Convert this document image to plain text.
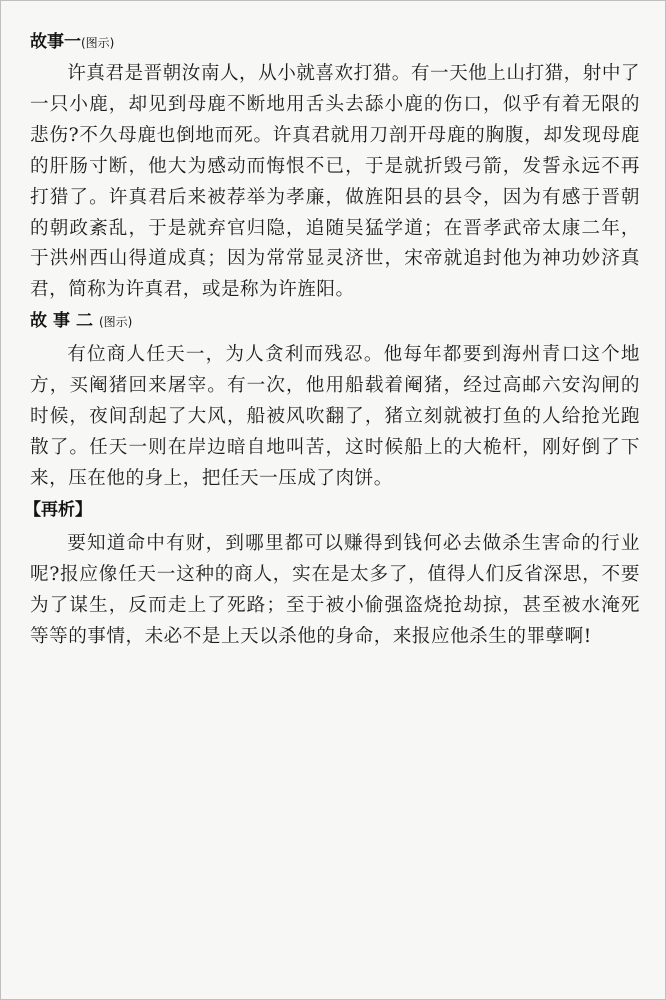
故事一(图示)

许真君是晋朝汝南人，从小就喜欢打猎。有一天他上山打猎，射中了一只小鹿，却见到母鹿不断地用舌头去舔小鹿的伤口，似乎有着无限的悲伤?不久母鹿也倒地而死。许真君就用刀剖开母鹿的胸腹，却发现母鹿的肝肠寸断，他大为感动而悔恨不已，于是就折毁弓箭，发誓永远不再打猎了。许真君后来被荐举为孝廉，做旌阳县的县令，因为有感于晋朝的朝政紊乱，于是就弃官归隐，追随吴猛学道；在晋孝武帝太康二年，于洪州西山得道成真；因为常常显灵济世，宋帝就追封他为神功妙济真君，简称为许真君，或是称为许旌阳。

故事二(图示)

有位商人任天一，为人贪利而残忍。他每年都要到海州青口这个地方，买阉猪回来屠宰。有一次，他用船载着阉猪，经过高邮六安沟闸的时候，夜间刮起了大风，船被风吹翻了，猪立刻就被打鱼的人给抢光跑散了。任天一则在岸边暗自地叫苦，这时候船上的大桅杆，刚好倒了下来，压在他的身上，把任天一压成了肉饼。

【再析】

要知道命中有财，到哪里都可以赚得到钱何必去做杀生害命的行业呢?报应像任天一这种的商人，实在是太多了，值得人们反省深思，不要为了谋生，反而走上了死路；至于被小偷强盗烧抢劫掠，甚至被水淹死等等的事情，未必不是上天以杀他的身命，来报应他杀生的罪孽啊!
